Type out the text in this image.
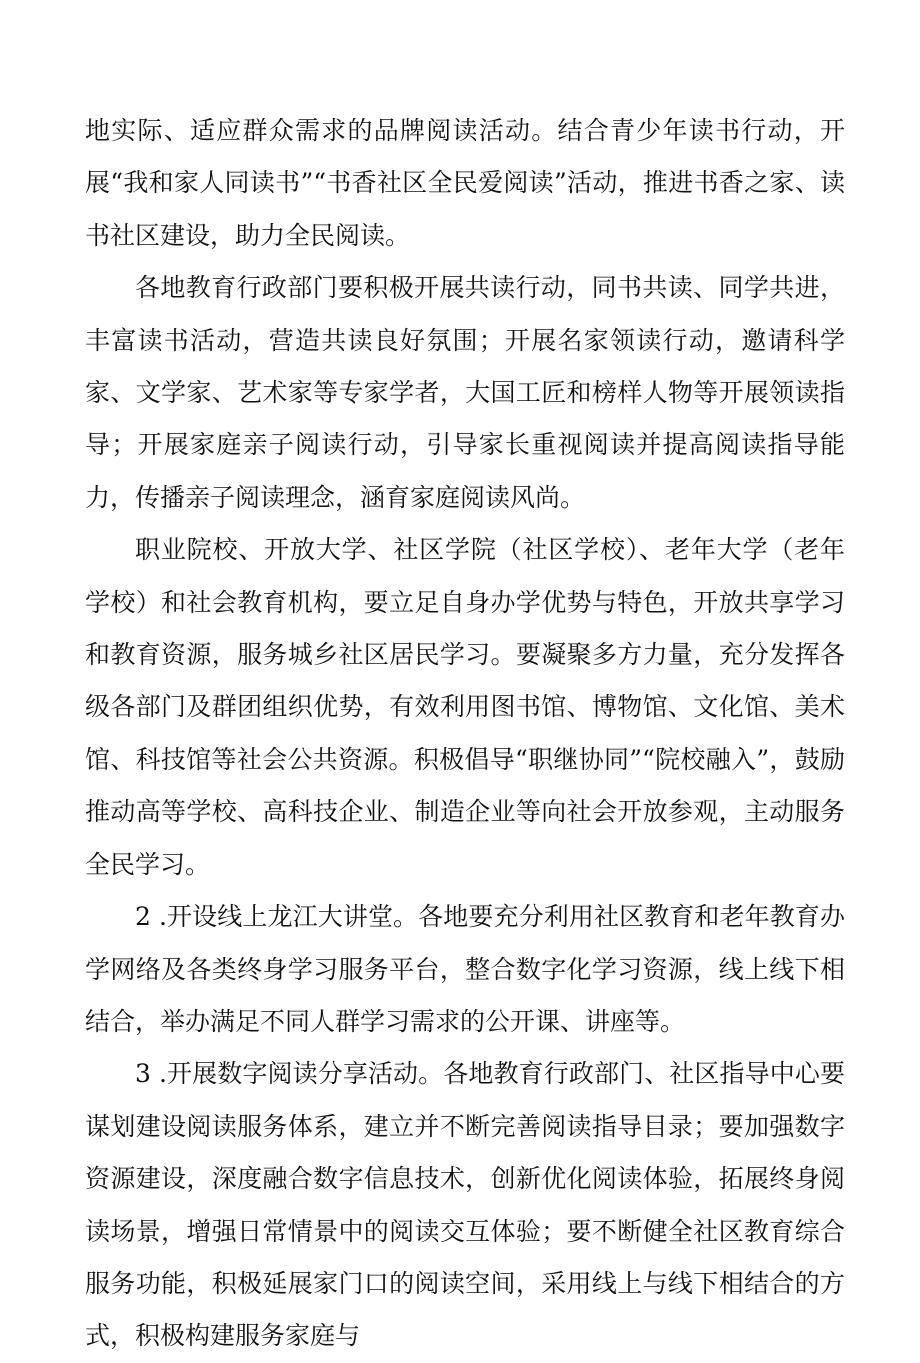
地实际、适应群众需求的品牌阅读活动。结合青少年读书行动，开展“我和家人同读书”“书香社区全民爱阅读”活动，推进书香之家、读书社区建设，助力全民阅读。

各地教育行政部门要积极开展共读行动，同书共读、同学共进，丰富读书活动，营造共读良好氛围；开展名家领读行动，邀请科学家、文学家、艺术家等专家学者，大国工匠和榜样人物等开展领读指导；开展家庭亲子阅读行动，引导家长重视阅读并提高阅读指导能力，传播亲子阅读理念，涵育家庭阅读风尚。

职业院校、开放大学、社区学院（社区学校）、老年大学（老年学校）和社会教育机构，要立足自身办学优势与特色，开放共享学习和教育资源，服务城乡社区居民学习。要凝聚多方力量，充分发挥各级各部门及群团组织优势，有效利用图书馆、博物馆、文化馆、美术馆、科技馆等社会公共资源。积极倡导“职继协同”“院校融入”，鼓励推动高等学校、高科技企业、制造企业等向社会开放参观，主动服务全民学习。

2 .开设线上龙江大讲堂。各地要充分利用社区教育和老年教育办学网络及各类终身学习服务平台，整合数字化学习资源，线上线下相结合，举办满足不同人群学习需求的公开课、讲座等。

3 .开展数字阅读分享活动。各地教育行政部门、社区指导中心要谋划建设阅读服务体系，建立并不断完善阅读指导目录；要加强数字资源建设，深度融合数字信息技术，创新优化阅读体验，拓展终身阅读场景，增强日常情景中的阅读交互体验；要不断健全社区教育综合服务功能，积极延展家门口的阅读空间，采用线上与线下相结合的方式，积极构建服务家庭与
